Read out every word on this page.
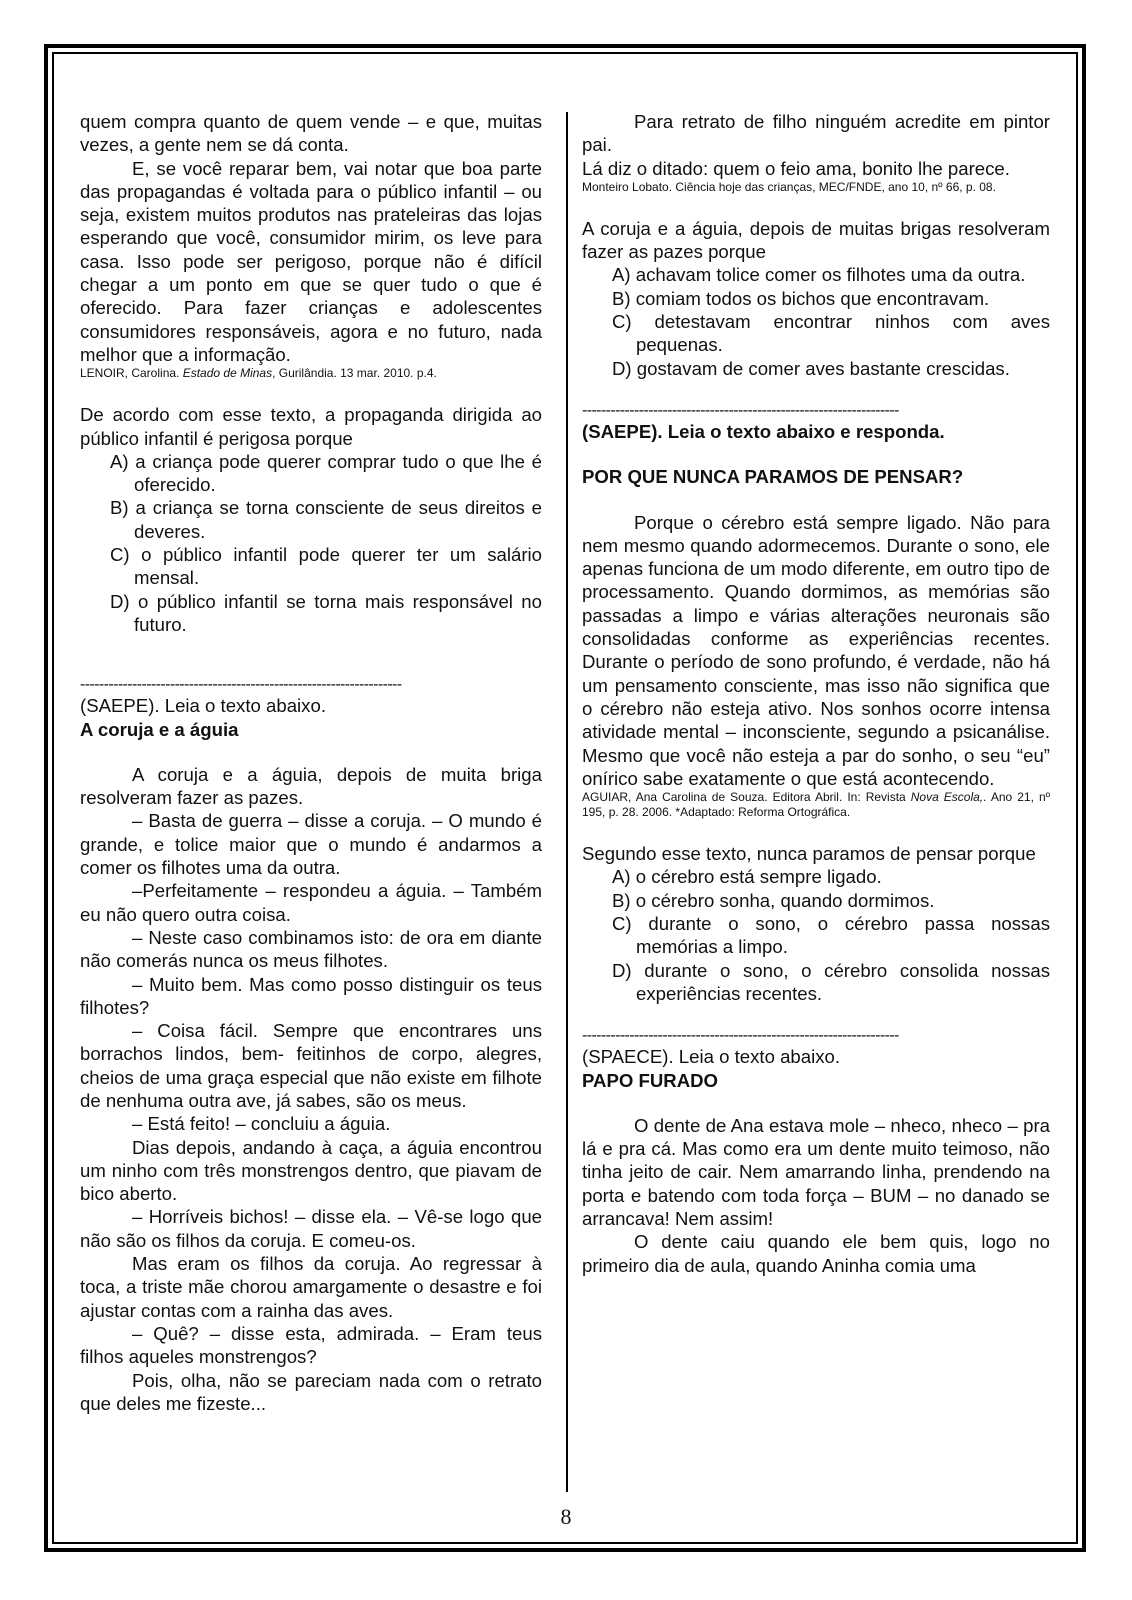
quem compra quanto de quem vende – e que, muitas vezes, a gente nem se dá conta.

E, se você reparar bem, vai notar que boa parte das propagandas é voltada para o público infantil – ou seja, existem muitos produtos nas prateleiras das lojas esperando que você, consumidor mirim, os leve para casa. Isso pode ser perigoso, porque não é difícil chegar a um ponto em que se quer tudo o que é oferecido. Para fazer crianças e adolescentes consumidores responsáveis, agora e no futuro, nada melhor que a informação.

LENOIR, Carolina. Estado de Minas, Gurilândia. 13 mar. 2010. p.4.

De acordo com esse texto, a propaganda dirigida ao público infantil é perigosa porque

A) a criança pode querer comprar tudo o que lhe é oferecido.
B) a criança se torna consciente de seus direitos e deveres.
C) o público infantil pode querer ter um salário mensal.
D) o público infantil se torna mais responsável no futuro.

--------------------------------------------------------------------

(SAEPE). Leia o texto abaixo.

A coruja e a águia

A coruja e a águia, depois de muita briga resolveram fazer as pazes.

– Basta de guerra – disse a coruja. – O mundo é grande, e tolice maior que o mundo é andarmos a comer os filhotes uma da outra.

–Perfeitamente – respondeu a águia. – Também eu não quero outra coisa.

– Neste caso combinamos isto: de ora em diante não comerás nunca os meus filhotes.

– Muito bem. Mas como posso distinguir os teus filhotes?

– Coisa fácil. Sempre que encontrares uns borrachos lindos, bem- feitinhos de corpo, alegres, cheios de uma graça especial que não existe em filhote de nenhuma outra ave, já sabes, são os meus.

– Está feito! – concluiu a águia.

Dias depois, andando à caça, a águia encontrou um ninho com três monstrengos dentro, que piavam de bico aberto.

– Horríveis bichos! – disse ela. – Vê-se logo que não são os filhos da coruja. E comeu-os.

Mas eram os filhos da coruja. Ao regressar à toca, a triste mãe chorou amargamente o desastre e foi ajustar contas com a rainha das aves.

– Quê? – disse esta, admirada. – Eram teus filhos aqueles monstrengos?

Pois, olha, não se pareciam nada com o retrato que deles me fizeste...

Para retrato de filho ninguém acredite em pintor pai.

Lá diz o ditado: quem o feio ama, bonito lhe parece.

Monteiro Lobato. Ciência hoje das crianças, MEC/FNDE, ano 10, nº 66, p. 08.

A coruja e a águia, depois de muitas brigas resolveram fazer as pazes porque

A) achavam tolice comer os filhotes uma da outra.
B) comiam todos os bichos que encontravam.
C) detestavam encontrar ninhos com aves pequenas.
D) gostavam de comer aves bastante crescidas.

-------------------------------------------------------------------

(SAEPE). Leia o texto abaixo e responda.

POR QUE NUNCA PARAMOS DE PENSAR?

Porque o cérebro está sempre ligado. Não para nem mesmo quando adormecemos. Durante o sono, ele apenas funciona de um modo diferente, em outro tipo de processamento. Quando dormimos, as memórias são passadas a limpo e várias alterações neuronais são consolidadas conforme as experiências recentes. Durante o período de sono profundo, é verdade, não há um pensamento consciente, mas isso não significa que o cérebro não esteja ativo. Nos sonhos ocorre intensa atividade mental – inconsciente, segundo a psicanálise. Mesmo que você não esteja a par do sonho, o seu “eu” onírico sabe exatamente o que está acontecendo.

AGUIAR, Ana Carolina de Souza. Editora Abril. In: Revista Nova Escola,. Ano 21, nº 195, p. 28. 2006. *Adaptado: Reforma Ortográfica.

Segundo esse texto, nunca paramos de pensar porque

A) o cérebro está sempre ligado.
B) o cérebro sonha, quando dormimos.
C) durante o sono, o cérebro passa nossas memórias a limpo.
D) durante o sono, o cérebro consolida nossas experiências recentes.

-------------------------------------------------------------------

(SPAECE). Leia o texto abaixo.

PAPO FURADO

O dente de Ana estava mole – nheco, nheco – pra lá e pra cá. Mas como era um dente muito teimoso, não tinha jeito de cair. Nem amarrando linha, prendendo na porta e batendo com toda força – BUM – no danado se arrancava! Nem assim!

O dente caiu quando ele bem quis, logo no primeiro dia de aula, quando Aninha comia uma

8
